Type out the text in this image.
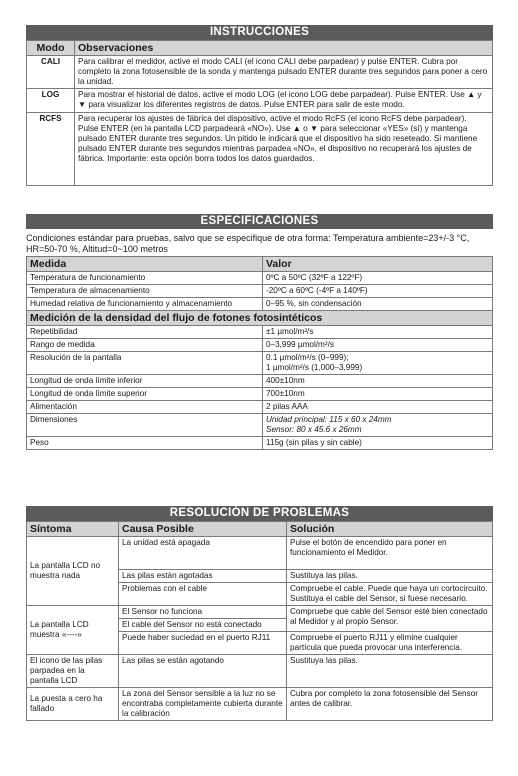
INSTRUCCIONES
Modo	Observaciones
CALI	Para calibrar el medidor, active el modo CALI (el icono CALI debe parpadear) y pulse ENTER. Cubra por completo la zona fotosensible de la sonda y mantenga pulsado ENTER durante tres segundos para poner a cero la unidad.
LOG	Para mostrar el historial de datos, active el modo LOG (el icono LOG debe parpadear). Pulse ENTER. Use ▲ y ▼ para visualizar los diferentes registros de datos. Pulse ENTER para salir de este modo.
RCFS	Para recuperar los ajustes de fábrica del dispositivo, active el modo RcFS (el icono RcFS debe parpadear). Pulse ENTER (en la pantalla LCD parpadeará «NO»). Use ▲ o ▼ para seleccionar «YES» (sí) y mantenga pulsado ENTER durante tres segundos. Un pitido le indicará que el dispositivo ha sido reseteado. Si mantiene pulsado ENTER durante tres segundos mientras parpadea «NO», el dispositivo no recuperará los ajustes de fábrica. Importante: esta opción borra todos los datos guardados.
ESPECIFICACIONES
Condiciones estándar para pruebas, salvo que se especifique de otra forma: Temperatura ambiente=23+/-3 °C, HR=50-70 %, Altitud=0~100 metros
Medida	Valor
Temperatura de funcionamiento	0ºC a 50ºC (32ºF a 122ºF)
Temperatura de almacenamiento	-20ºC a 60ºC (-4ºF a 140ºF)
Humedad relativa de funcionamiento y almacenamiento	0–95 %, sin condensación
Medición de la densidad del flujo de fotones fotosintéticos	
Repetibilidad	±1 µmol/m²/s
Rango de medida	0–3,999 µmol/m²/s
Resolución de la pantalla	0.1 µmol/m²/s (0–999);
1 µmol/m²/s (1,000–3,999)

Longitud de onda límite inferior	400±10nm
Longitud de onda límite superior	700±10nm
Alimentación	2 pilas AAA
Dimensiones	Unidad principal: 115 x 60 x 24mm
Sensor: 80 x 45.6 x 26mm

Peso	115g (sin pilas y sin cable)
RESOLUCIÓN DE PROBLEMAS
Síntoma	Causa Posible	Solución
La pantalla LCD no muestra nada	La unidad está apagada	Pulse el botón de encendido para poner en funcionamiento el Medidor.
	Las pilas están agotadas	Sustituya las pilas.
	Problemas con el cable	Compruebe el cable. Puede que haya un cortocircuito. Sustituya el cable del Sensor, si fuese necesario.
La pantalla LCD muestra «----»	El Sensor no funciona	Compruebe que cable del Sensor esté bien conectado al Medidor y al propio Sensor.
	El cable del Sensor no está conectado	
	Puede haber suciedad en el puerto RJ11	Compruebe el puerto RJ11 y elimine cualquier partícula que pueda provocar una interferencia.
El icono de las pilas parpadea en la pantalla LCD	Las pilas se están agotando	Sustituya las pilas.
La puesta a cero ha fallado	La zona del Sensor sensible a la luz no se encontraba completamente cubierta durante la calibración	Cubra por completo la zona fotosensible del Sensor antes de calibrar.
